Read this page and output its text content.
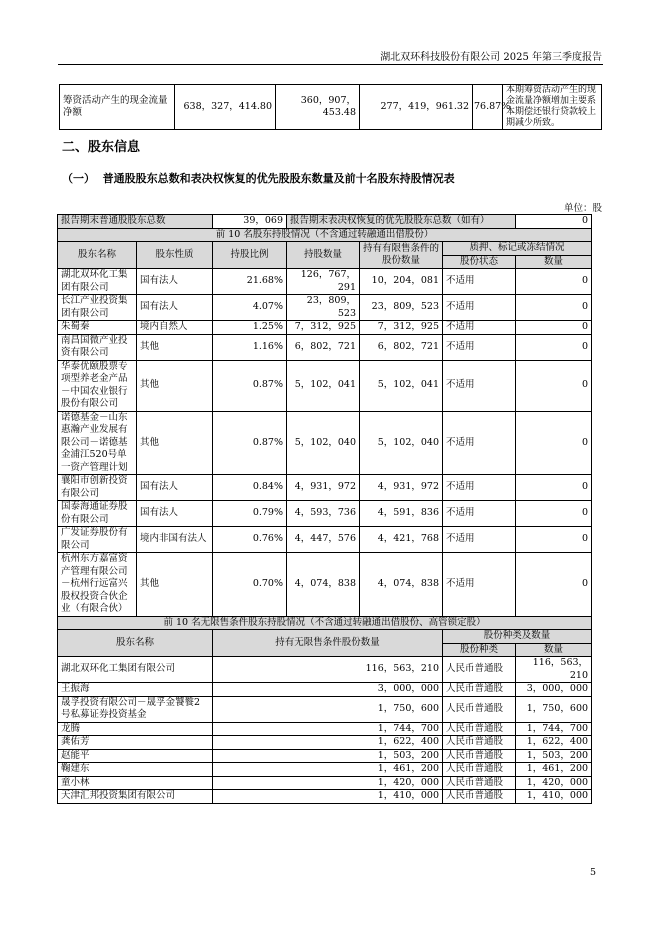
湖北双环科技股份有限公司 2025 年第三季度报告
筹资活动产生的现金流量净额	638，327，414.80	360，907，453.48	277，419，961.32	76.87%	本期筹资活动产生的现金流量净额增加主要系本期偿还银行贷款较上期减少所致。
二、股东信息
（一）  普通股股东总数和表决权恢复的优先股股东数量及前十名股东持股情况表
单位：股
报告期末普通股股东总数		39，069	报告期末表决权恢复的优先股股东总数（如有）			0
前 10 名股东持股情况（不含通过转融通出借股份）						
股东名称	股东性质	持股比例	持股数量	持有有限售条件的股份数量	质押、标记或冻结情况	
					股份状态	数量
湖北双环化工集团有限公司	国有法人	21.68%	126，767，291	10，204，081	不适用	0
长江产业投资集团有限公司	国有法人	4.07%	23，809，523	23，809，523	不适用	0
朱蜀秦	境内自然人	1.25%	7，312，925	7，312，925	不适用	0
南昌国微产业投资有限公司	其他	1.16%	6，802，721	6，802，721	不适用	0
华泰优颐股票专项型养老金产品－中国农业银行股份有限公司	其他	0.87%	5，102，041	5，102，041	不适用	0
诺德基金－山东惠瀚产业发展有限公司－诺德基金浦江520号单一资产管理计划	其他	0.87%	5，102，040	5，102，040	不适用	0
襄阳市创新投资有限公司	国有法人	0.84%	4，931，972	4，931，972	不适用	0
国泰海通证券股份有限公司	国有法人	0.79%	4，593，736	4，591，836	不适用	0
广发证券股份有限公司	境内非国有法人	0.76%	4，447，576	4，421，768	不适用	0
杭州东方嘉富资产管理有限公司－杭州行远富兴股权投资合伙企业（有限合伙）	其他	0.70%	4，074，838	4，074，838	不适用	0
前 10 名无限售条件股东持股情况（不含通过转融通出借股份、高管锁定股）						
股东名称		持有无限售条件股份数量			股份种类及数量	
					股份种类	数量
湖北双环化工集团有限公司		116，563，210			人民币普通股	116，563，210
王振海		3，000，000			人民币普通股	3，000，000
晟孚投资有限公司－晟孚金饕餮2号私募证券投资基金		1，750，600			人民币普通股	1，750，600
龙腾		1，744，700			人民币普通股	1，744，700
龚佑芳		1，622，400			人民币普通股	1，622，400
赵能平		1，503，200			人民币普通股	1，503，200
鞠建东		1，461，200			人民币普通股	1，461，200
童小林		1，420，000			人民币普通股	1，420，000
天津汇邦投资集团有限公司		1，410，000			人民币普通股	1，410，000
5
